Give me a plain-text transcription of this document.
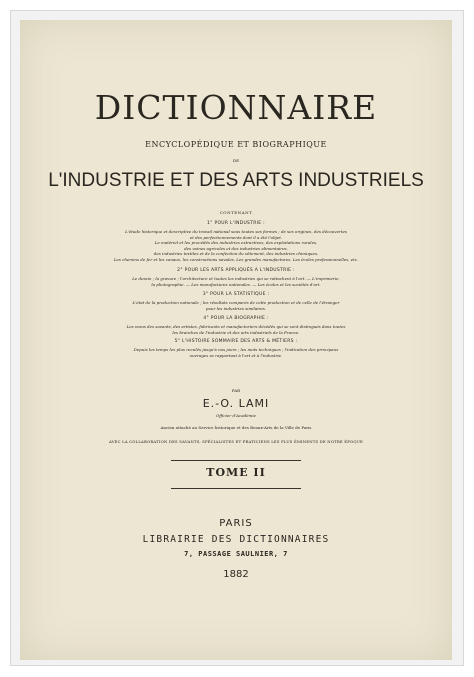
DICTIONNAIRE

ENCYCLOPÉDIQUE ET BIOGRAPHIQUE

DE

L'INDUSTRIE ET DES ARTS INDUSTRIELS

CONTENANT

1° POUR L'INDUSTRIE :

L'étude historique et descriptive du travail national sous toutes ses formes ; de ses origines, des découvertes
et des perfectionnements dont il a été l'objet.
Le matériel et les procédés des industries extractives, des exploitations rurales,
des usines agricoles et des industries alimentaires,
des industries textiles et de la confection du vêtement, des industries chimiques,
Les chemins de fer et les canaux, les constructions navales. Les grandes manufactures. Les écoles professionnelles, etc.

2° POUR LES ARTS APPLIQUÉS A L'INDUSTRIE :

Le dessin ; la gravure ; l'architecture et toutes les industries qui se rattachent à l'art. — L'imprimerie,
la photographie. — Les manufactures nationales. — Les écoles et les sociétés d'art.

3° POUR LA STATISTIQUE :

L'état de la production nationale ; les résultats comparés de cette production et de celle de l'étranger
pour les industries similaires.

4° POUR LA BIOGRAPHIE :

Les noms des savants, des artistes, fabricants et manufacturiers décédés qui se sont distingués dans toutes
les branches de l'industrie et des arts industriels de la France.

5° L'HISTOIRE SOMMAIRE DES ARTS & MÉTIERS :

Depuis les temps les plus reculés jusqu'à nos jours ; les mots techniques ; l'indication des principaux
ouvrages se rapportant à l'art et à l'industrie.

PAR

E.-O. LAMI

Officier d'Académie

Ancien attaché au Service historique et des Beaux-Arts de la Ville de Paris

AVEC LA COLLABORATION DES SAVANTS, SPÉCIALISTES ET PRATICIENS LES PLUS ÉMINENTS DE NOTRE ÉPOQUE

TOME II

PARIS

LIBRAIRIE DES DICTIONNAIRES

7, PASSAGE SAULNIER, 7

1882
